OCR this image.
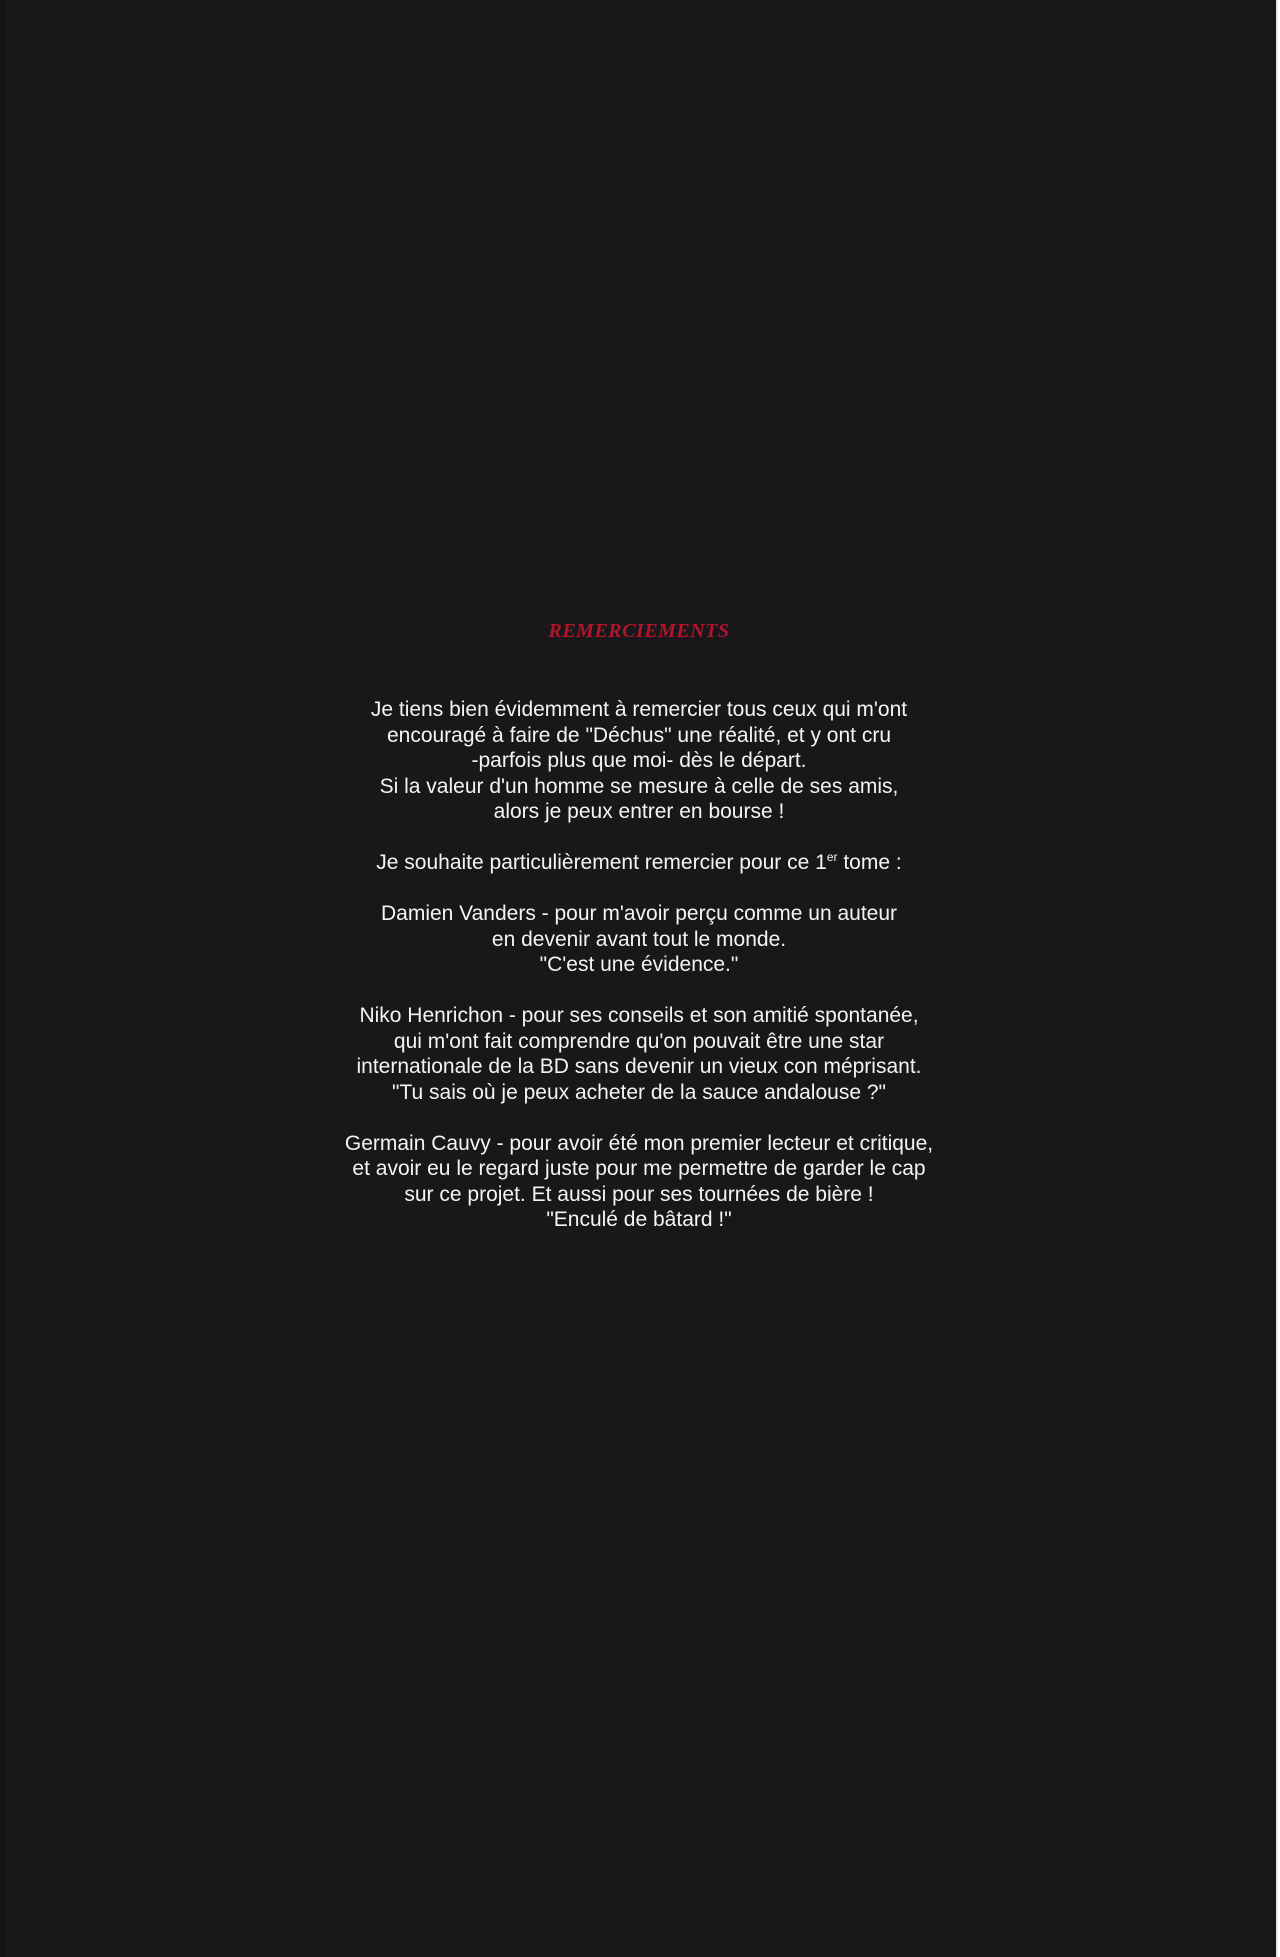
REMERCIEMENTS
Je tiens bien évidemment à remercier tous ceux qui m'ont
encouragé à faire de "Déchus" une réalité, et y ont cru
-parfois plus que moi- dès le départ.
Si la valeur d'un homme se mesure à celle de ses amis,
alors je peux entrer en bourse !
Je souhaite particulièrement remercier pour ce 1er tome :
Damien Vanders - pour m'avoir perçu comme un auteur
en devenir avant tout le monde.
"C'est une évidence."
Niko Henrichon - pour ses conseils et son amitié spontanée,
qui m'ont fait comprendre qu'on pouvait être une star
internationale de la BD sans devenir un vieux con méprisant.
"Tu sais où je peux acheter de la sauce andalouse ?"
Germain Cauvy - pour avoir été mon premier lecteur et critique,
et avoir eu le regard juste pour me permettre de garder le cap
sur ce projet. Et aussi pour ses tournées de bière !
"Enculé de bâtard !"
